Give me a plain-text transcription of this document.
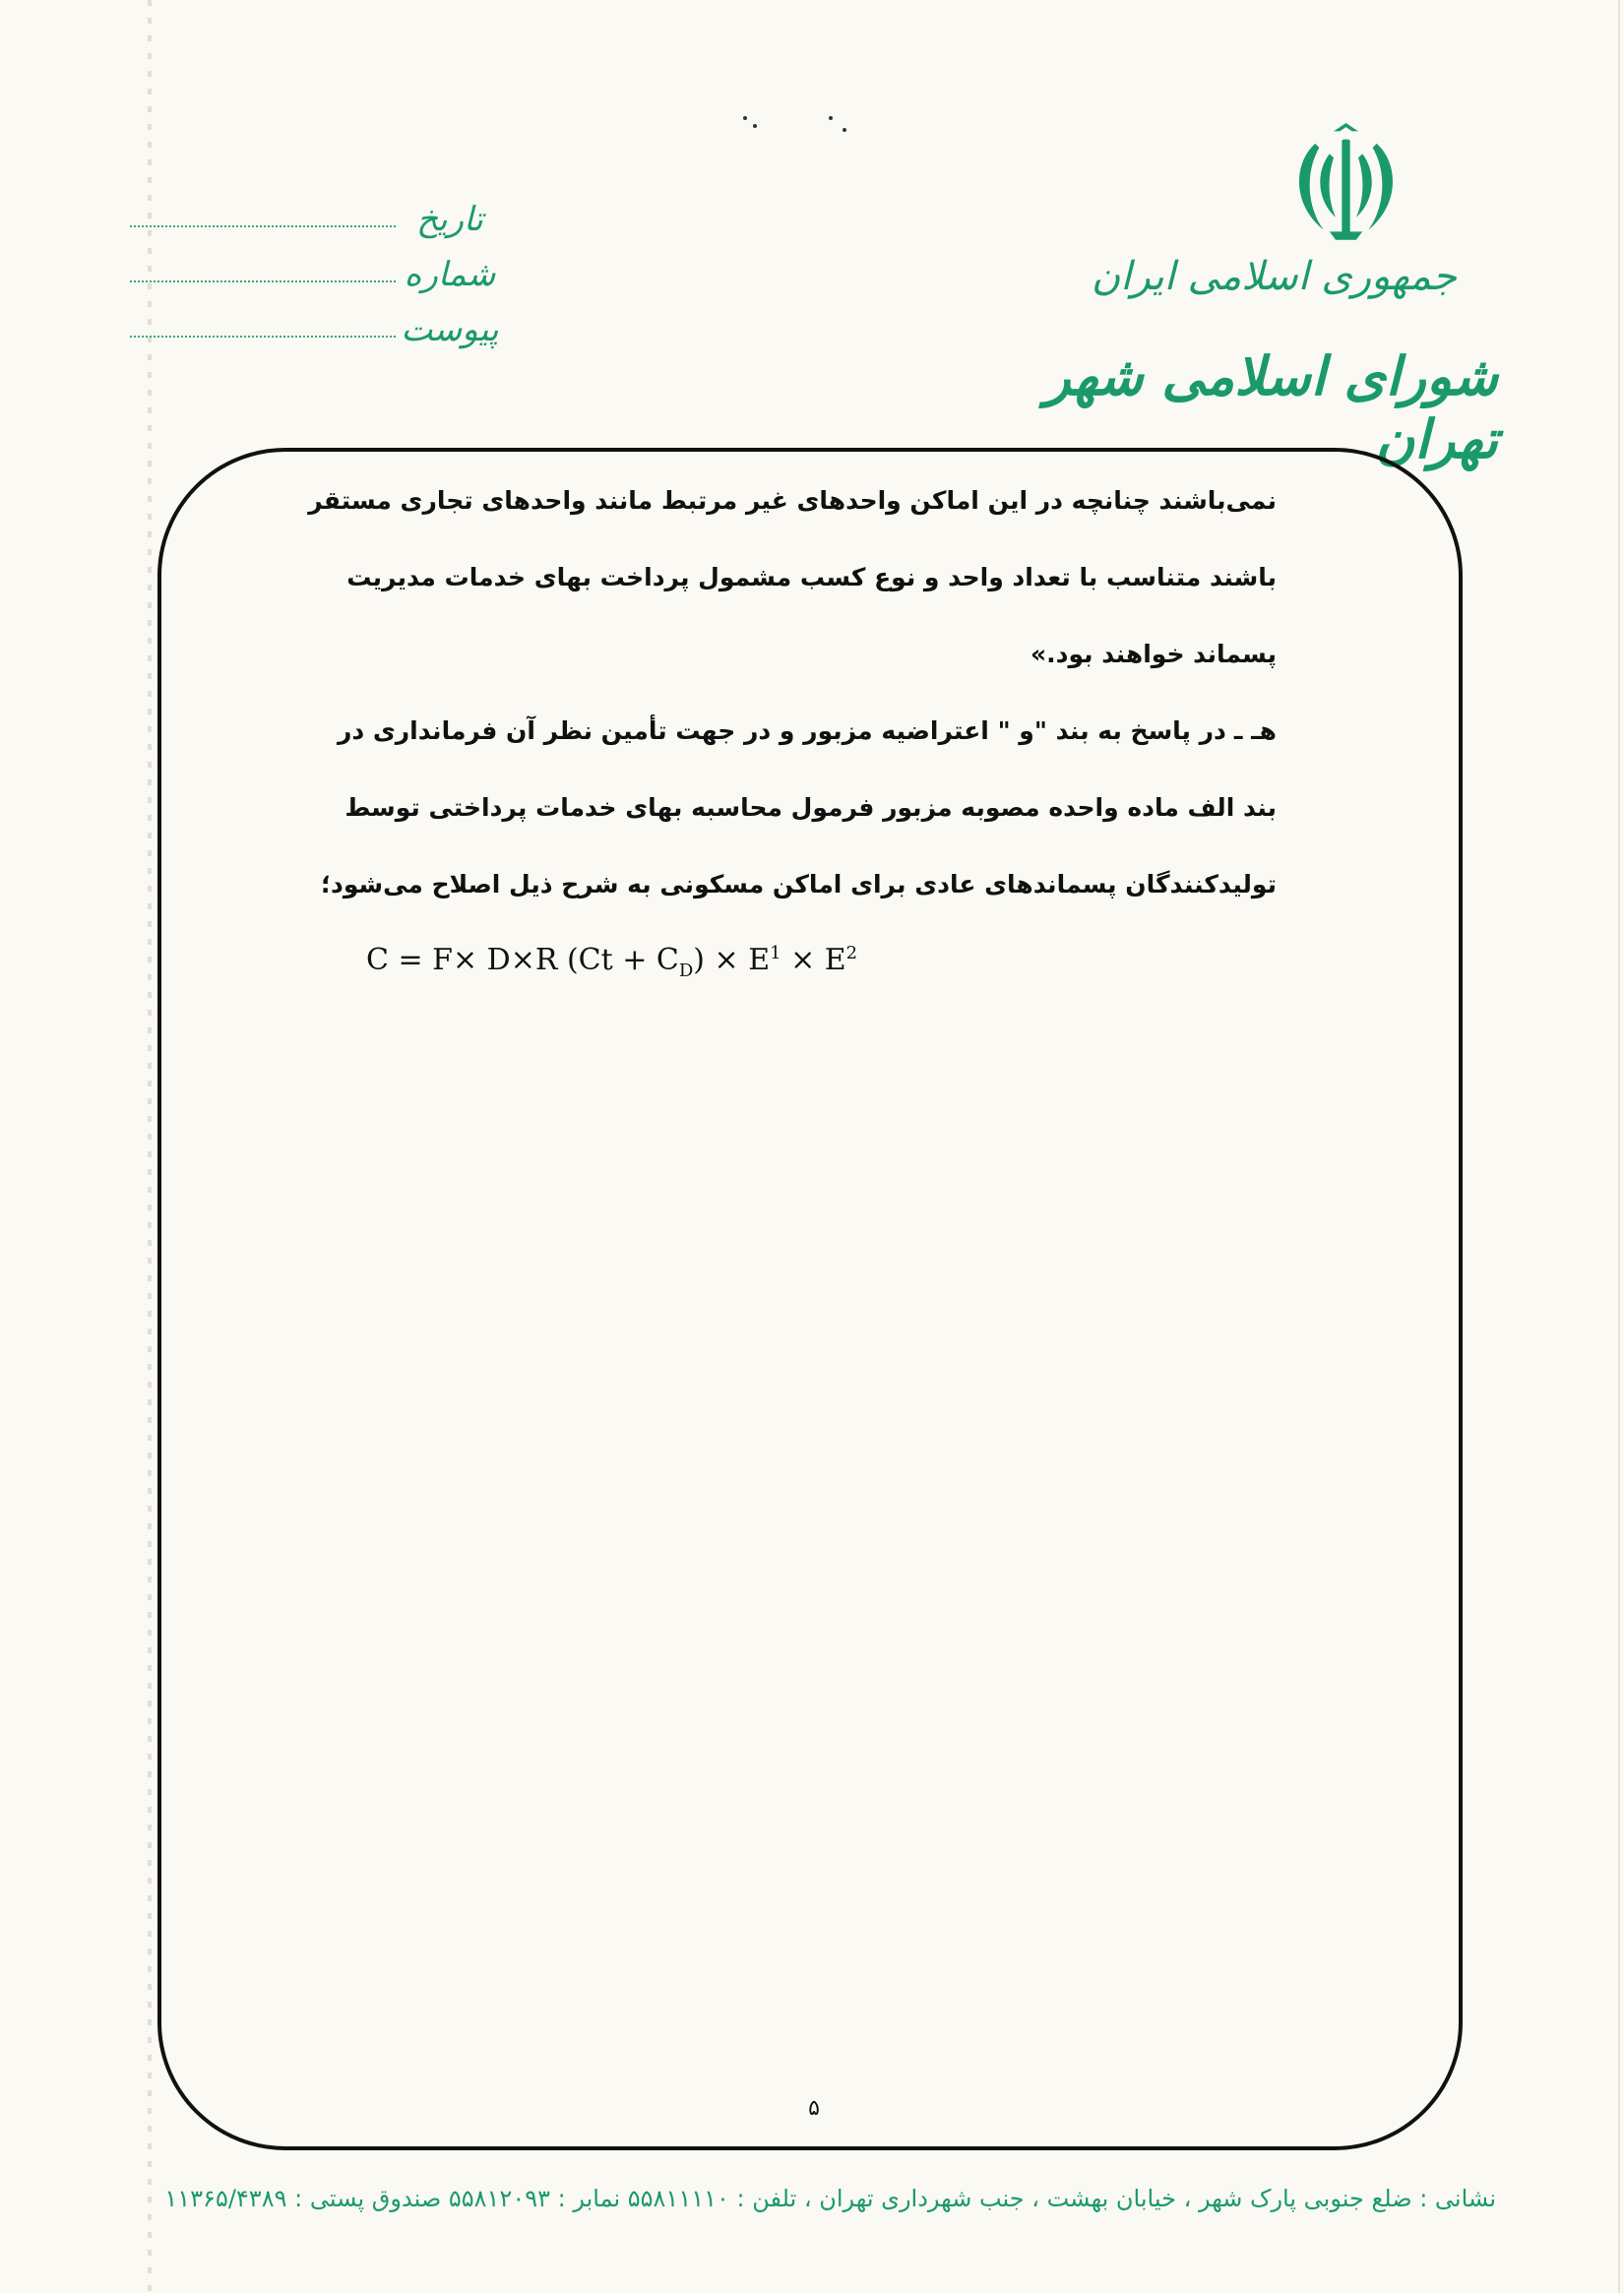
جمهوری اسلامی ایران
شورای اسلامی شهر تهران
تاریخ
شماره
پیوست
نمی‌باشند چنانچه در این اماکن واحدهای غیر مرتبط مانند واحدهای تجاری مستقر
باشند متناسب با تعداد واحد و نوع کسب مشمول پرداخت بهای خدمات مدیریت
پسماند خواهند بود.»
هـ ـدر پاسخ به بند "و " اعتراضیه مزبور و در جهت تأمین نظر آن فرمانداری در
بند الف ماده واحده مصوبه مزبور فرمول محاسبه بهای خدمات پرداختی توسط
تولیدکنندگان پسماندهای عادی برای اماکن مسکونی به شرح ذیل اصلاح می‌شود؛
C = F× D×R $(Ct + C_D) \times E^1 \times E^2$
۵
نشانی : ضلع جنوبی پارک شهر ، خیابان بهشت ، جنب شهرداری تهران ، تلفن : ۵۵۸۱۱۱۱۰ نمابر : ۵۵۸۱۲۰۹۳ صندوق پستی : ۱۱۳۶۵/۴۳۸۹
